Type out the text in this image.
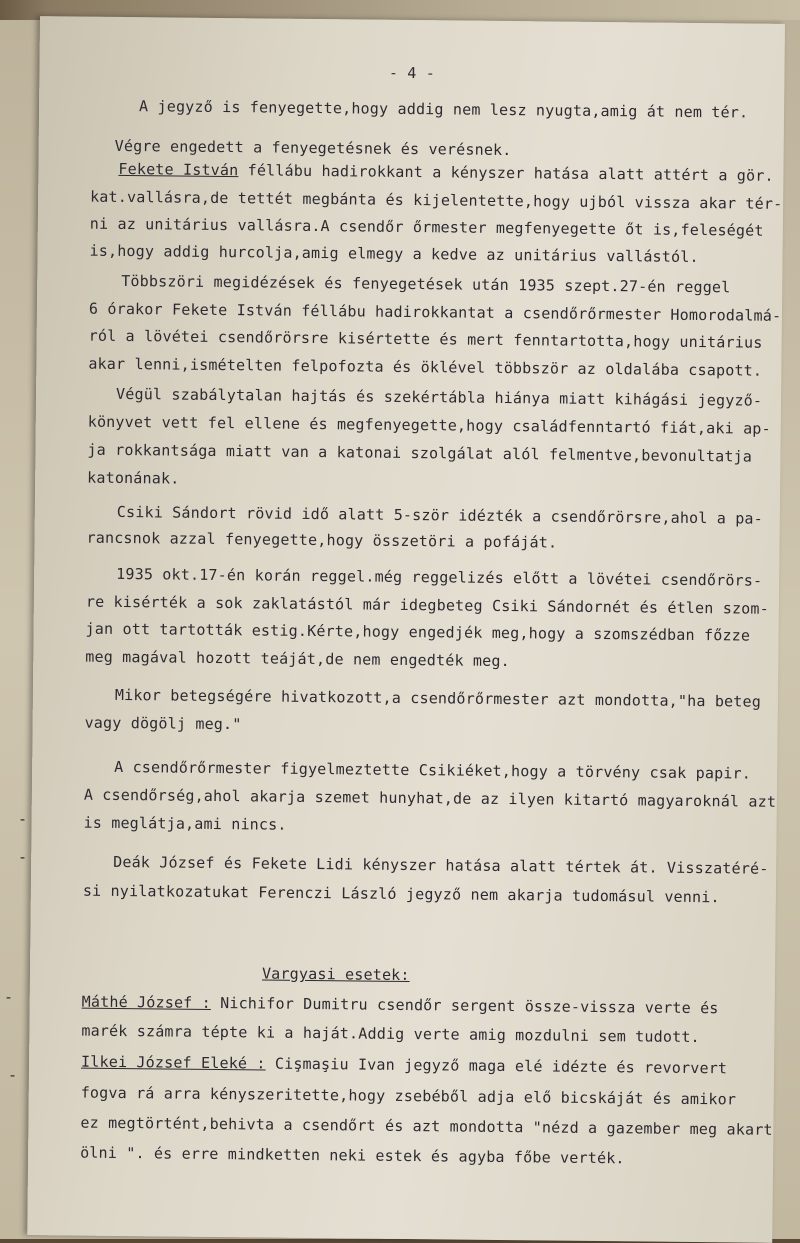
- 4 -
A jegyző is fenyegette,hogy addig nem lesz nyugta,amig át nem tér.
Végre engedett a fenyegetésnek és verésnek.
Fekete István féllábu hadirokkant a kényszer hatása alatt attért a gör.
kat.vallásra,de tettét megbánta és kijelentette,hogy ujból vissza akar tér-
ni az unitárius vallásra.A csendőr őrmester megfenyegette őt is,feleségét
is,hogy addig hurcolja,amig elmegy a kedve az unitárius vallástól.
Többszöri megidézések és fenyegetések után 1935 szept.27-én reggel
6 órakor Fekete István féllábu hadirokkantat a csendőrőrmester Homorodalmá-
ról a lövétei csendőrörsre kisértette és mert fenntartotta,hogy unitárius
akar lenni,ismételten felpofozta és öklével többször az oldalába csapott.
Végül szabálytalan hajtás és szekértábla hiánya miatt kihágási jegyző-
könyvet vett fel ellene és megfenyegette,hogy családfenntartó fiát,aki ap-
ja rokkantsága miatt van a katonai szolgálat alól felmentve,bevonultatja
katonának.
Csiki Sándort rövid idő alatt 5-ször idézték a csendőrörsre,ahol a pa-
rancsnok azzal fenyegette,hogy összetöri a pofáját.
1935 okt.17-én korán reggel.még reggelizés előtt a lövétei csendőrörs-
re kisérték a sok zaklatástól már idegbeteg Csiki Sándornét és étlen szom-
jan ott tartották estig.Kérte,hogy engedjék meg,hogy a szomszédban főzze
meg magával hozott teáját,de nem engedték meg.
Mikor betegségére hivatkozott,a csendőrőrmester azt mondotta,"ha beteg
vagy dögölj meg."
A csendőrőrmester figyelmeztette Csikiéket,hogy a törvény csak papir.
A csendőrség,ahol akarja szemet hunyhat,de az ilyen kitartó magyaroknál azt
is meglátja,ami nincs.
Deák József és Fekete Lidi kényszer hatása alatt tértek át. Visszatéré-
si nyilatkozatukat Ferenczi László jegyző nem akarja tudomásul venni.
Vargyasi esetek:
Máthé József : Nichifor Dumitru csendőr sergent össze-vissza verte és
marék számra tépte ki a haját.Addig verte amig mozdulni sem tudott.
Ilkei József Eleké : Cişmaşiu Ivan jegyző maga elé idézte és revorvert
fogva rá arra kényszeritette,hogy zsebéből adja elő bicskáját és amikor
ez megtörtént,behivta a csendőrt és azt mondotta "nézd a gazember meg akart
ölni ". és erre mindketten neki estek és agyba főbe verték.
-
-
-
-
